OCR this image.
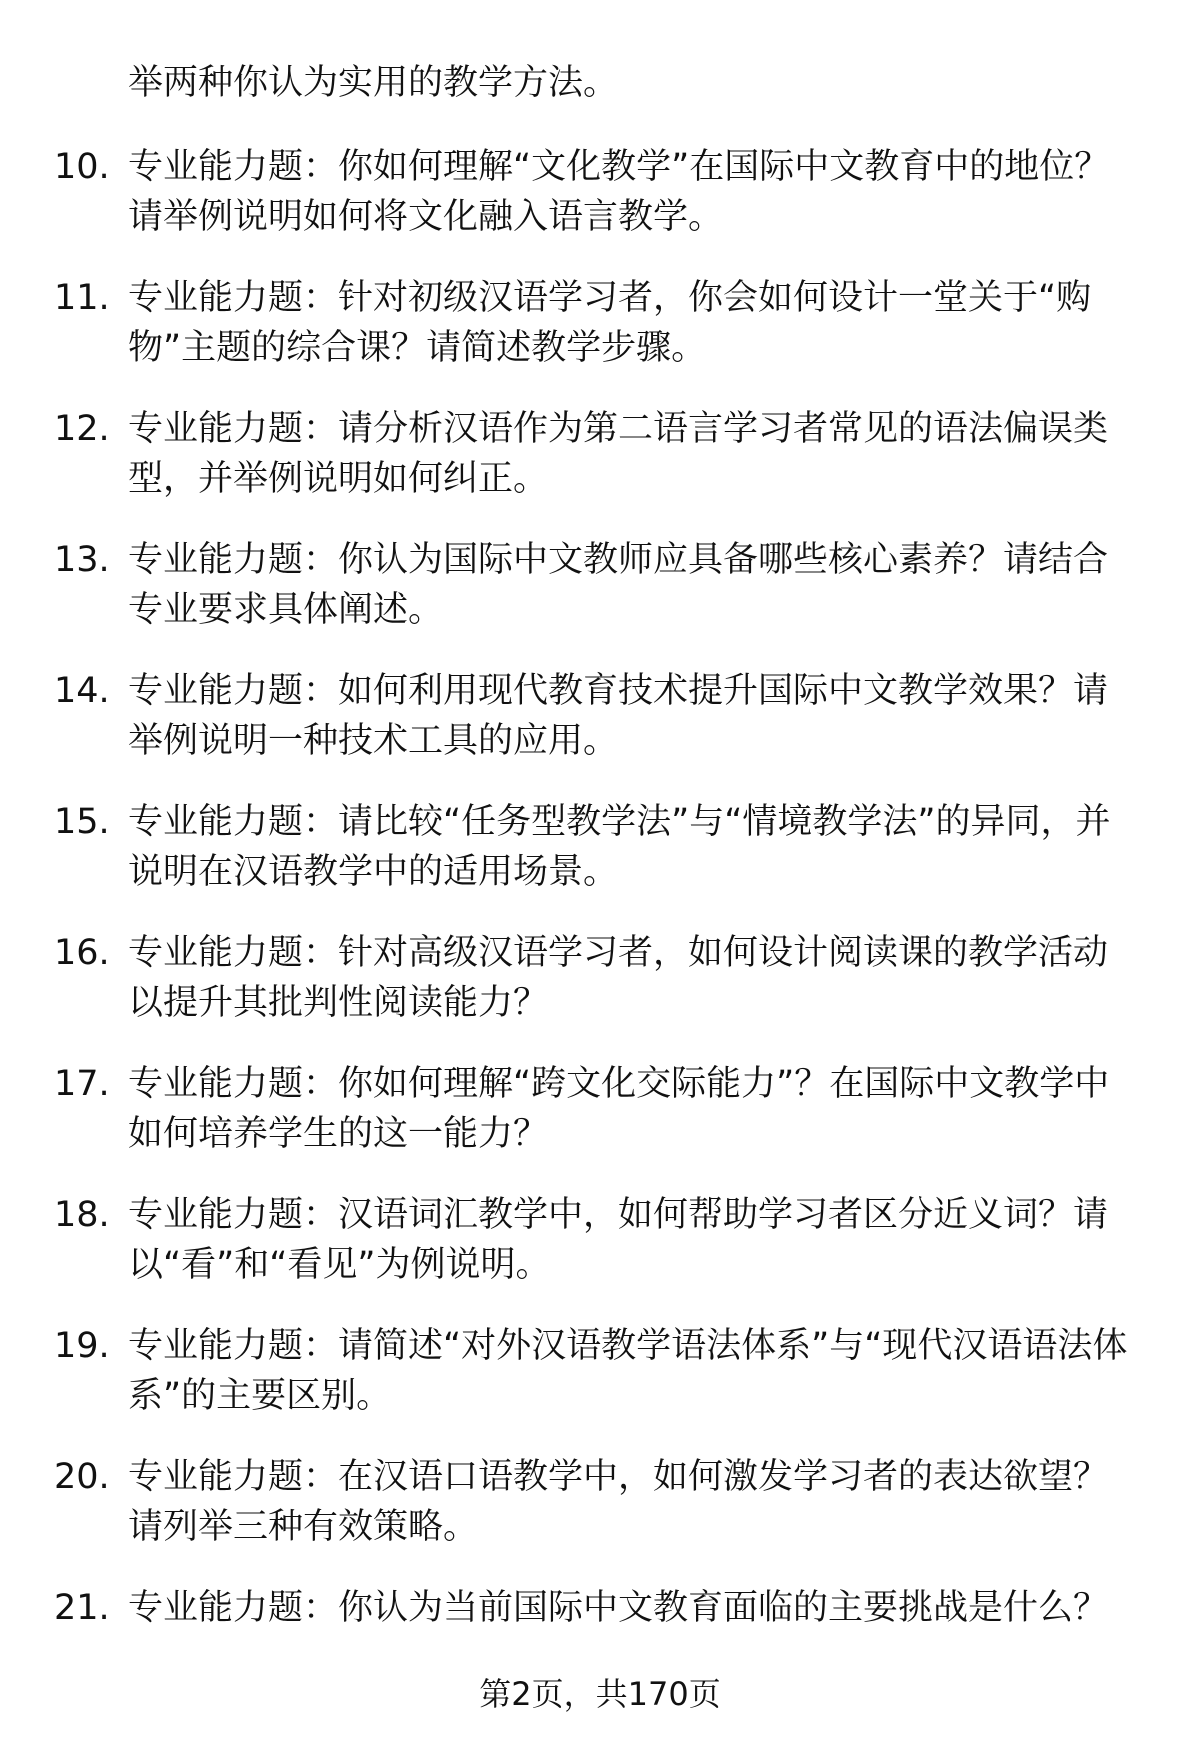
举两种你认为实用的教学方法。
10. 专业能力题：你如何理解“文化教学”在国际中文教育中的地位？请举例说明如何将文化融入语言教学。
11. 专业能力题：针对初级汉语学习者，你会如何设计一堂关于“购物”主题的综合课？请简述教学步骤。
12. 专业能力题：请分析汉语作为第二语言学习者常见的语法偏误类型，并举例说明如何纠正。
13. 专业能力题：你认为国际中文教师应具备哪些核心素养？请结合专业要求具体阐述。
14. 专业能力题：如何利用现代教育技术提升国际中文教学效果？请举例说明一种技术工具的应用。
15. 专业能力题：请比较“任务型教学法”与“情境教学法”的异同，并说明在汉语教学中的适用场景。
16. 专业能力题：针对高级汉语学习者，如何设计阅读课的教学活动以提升其批判性阅读能力？
17. 专业能力题：你如何理解“跨文化交际能力”？在国际中文教学中如何培养学生的这一能力？
18. 专业能力题：汉语词汇教学中，如何帮助学习者区分近义词？请以“看”和“看见”为例说明。
19. 专业能力题：请简述“对外汉语教学语法体系”与“现代汉语语法体系”的主要区别。
20. 专业能力题：在汉语口语教学中，如何激发学习者的表达欲望？请列举三种有效策略。
21. 专业能力题：你认为当前国际中文教育面临的主要挑战是什么？
第2页，共170页
